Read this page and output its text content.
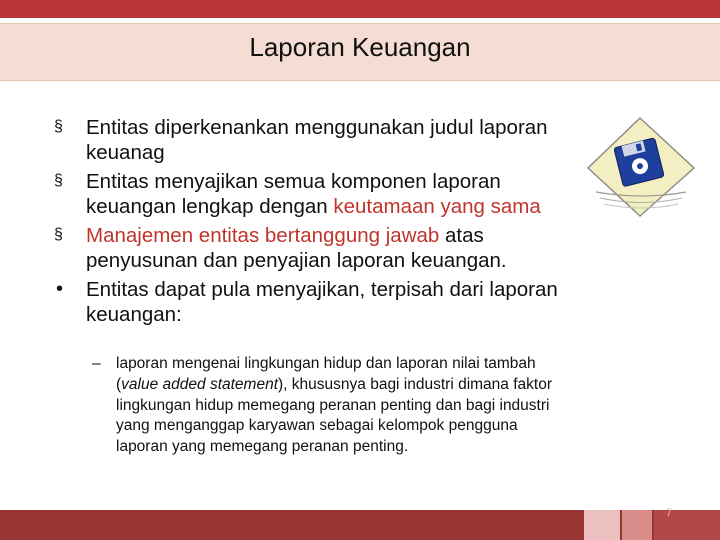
Laporan Keuangan
§	Entitas diperkenankan menggunakan judul laporan keuanag
§	Entitas menyajikan semua komponen laporan keuangan lengkap dengan keutamaan yang sama
§	Manajemen entitas bertanggung jawab atas penyusunan dan penyajian laporan keuangan.
•	Entitas dapat pula menyajikan, terpisah dari laporan keuangan:
– laporan mengenai lingkungan hidup dan laporan nilai tambah (value added statement), khususnya bagi industri dimana faktor lingkungan hidup memegang peranan penting dan bagi industri yang menganggap karyawan sebagai kelompok pengguna laporan yang memegang peranan penting.
7
